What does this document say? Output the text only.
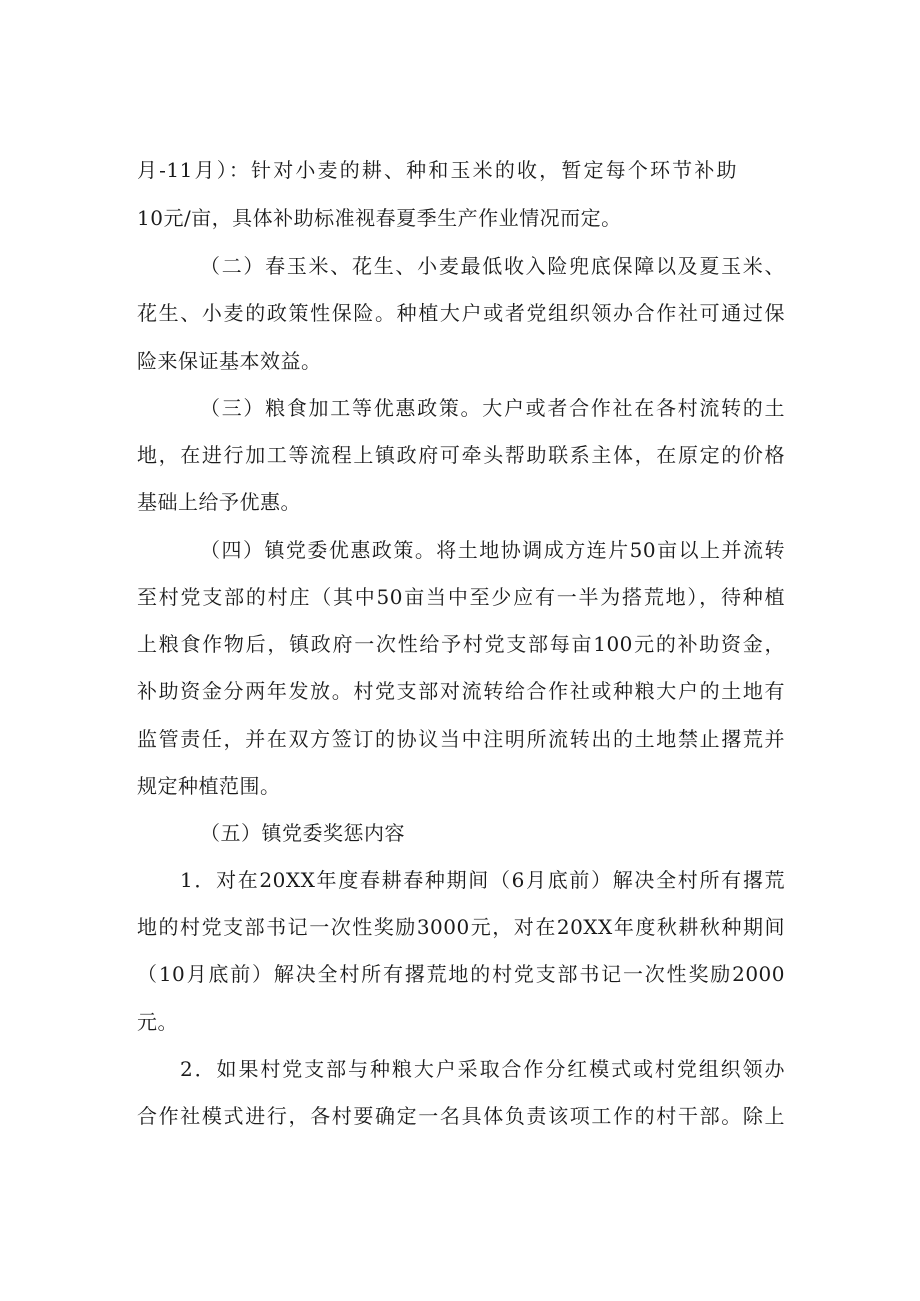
月-11月）：针对小麦的耕、种和玉米的收，暂定每个环节补助
10元/亩，具体补助标准视春夏季生产作业情况而定。
（二）春玉米、花生、小麦最低收入险兜底保障以及夏玉米、
花生、小麦的政策性保险。种植大户或者党组织领办合作社可通过保
险来保证基本效益。
（三）粮食加工等优惠政策。大户或者合作社在各村流转的土
地，在进行加工等流程上镇政府可牵头帮助联系主体，在原定的价格
基础上给予优惠。
（四）镇党委优惠政策。将土地协调成方连片50亩以上并流转
至村党支部的村庄（其中50亩当中至少应有一半为搭荒地），待种植
上粮食作物后，镇政府一次性给予村党支部每亩100元的补助资金，
补助资金分两年发放。村党支部对流转给合作社或种粮大户的土地有
监管责任，并在双方签订的协议当中注明所流转出的土地禁止撂荒并
规定种植范围。
（五）镇党委奖惩内容
1．对在20XX年度春耕春种期间（6月底前）解决全村所有撂荒
地的村党支部书记一次性奖励3000元，对在20XX年度秋耕秋种期间
（10月底前）解决全村所有撂荒地的村党支部书记一次性奖励2000
元。
2．如果村党支部与种粮大户采取合作分红模式或村党组织领办
合作社模式进行，各村要确定一名具体负责该项工作的村干部。除上
